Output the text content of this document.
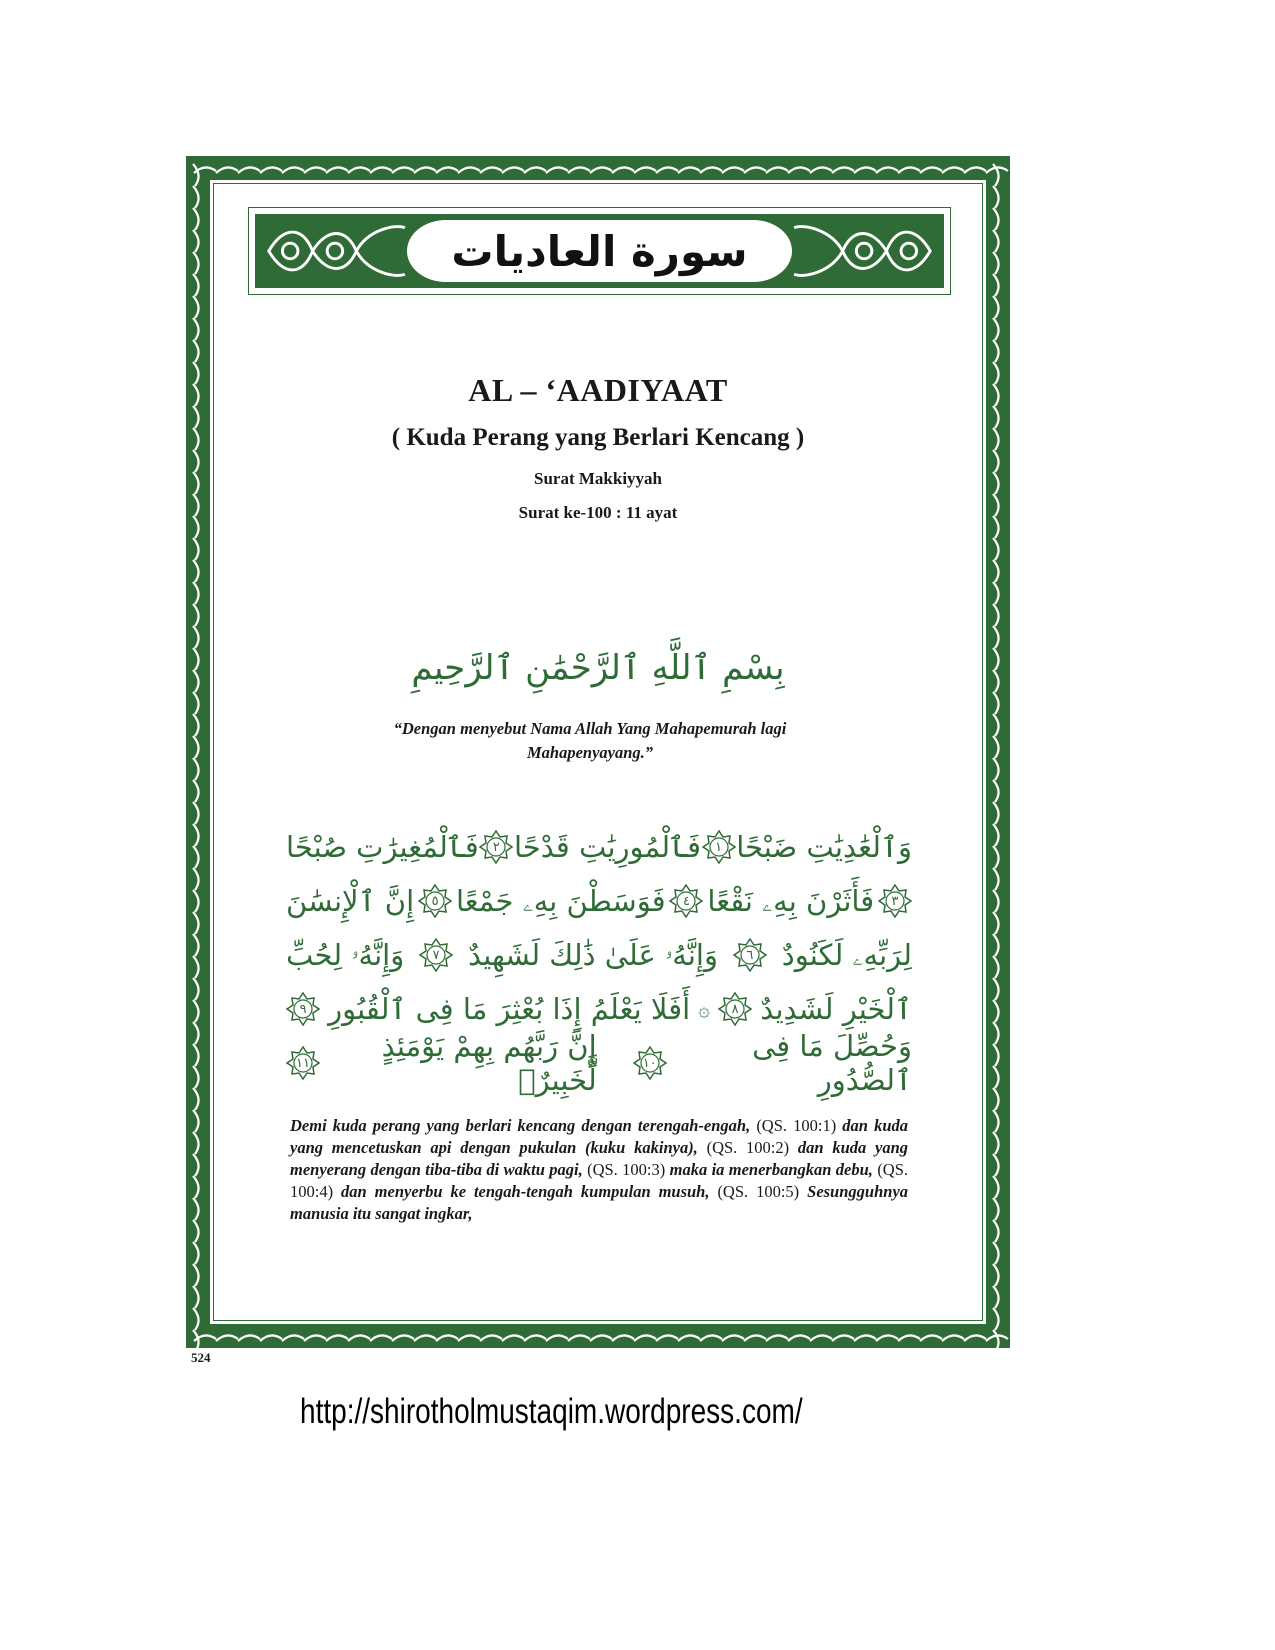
سورة العاديات
AL – ‘AADIYAAT
( Kuda Perang yang Berlari Kencang )
Surat Makkiyyah
Surat ke-100 : 11 ayat
بِسْمِ ٱللَّهِ ٱلرَّحْمَٰنِ ٱلرَّحِيمِ
“Dengan menyebut Nama Allah Yang Mahapemurah lagi Mahapenyayang.”
وَٱلْعَٰدِيَٰتِ ضَبْحًا
١
فَٱلْمُورِيَٰتِ قَدْحًا
٢
فَٱلْمُغِيرَٰتِ صُبْحًا
٣
فَأَثَرْنَ بِهِۦ نَقْعًا
٤
فَوَسَطْنَ بِهِۦ جَمْعًا
٥
إِنَّ ٱلْإِنسَٰنَ
لِرَبِّهِۦ لَكَنُودٌ
٦
وَإِنَّهُۥ عَلَىٰ ذَٰلِكَ لَشَهِيدٌ
٧
وَإِنَّهُۥ لِحُبِّ
ٱلْخَيْرِ لَشَدِيدٌ
٨
۞
أَفَلَا يَعْلَمُ إِذَا بُعْثِرَ مَا فِى ٱلْقُبُورِ
٩
وَحُصِّلَ مَا فِى ٱلصُّدُورِ
١٠
إِنَّ رَبَّهُم بِهِمْ يَوْمَئِذٍ لَّخَبِيرٌۢ
١١
Demi kuda perang yang berlari kencang dengan terengah-engah, (QS. 100:1) dan kuda yang mencetuskan api dengan pukulan (kuku kakinya), (QS. 100:2) dan kuda yang menyerang dengan tiba-tiba di waktu pagi, (QS. 100:3) maka ia menerbangkan debu, (QS. 100:4) dan menyerbu ke tengah-tengah kumpulan musuh, (QS. 100:5) Sesungguhnya manusia itu sangat ingkar,
524
http://shirotholmustaqim.wordpress.com/
